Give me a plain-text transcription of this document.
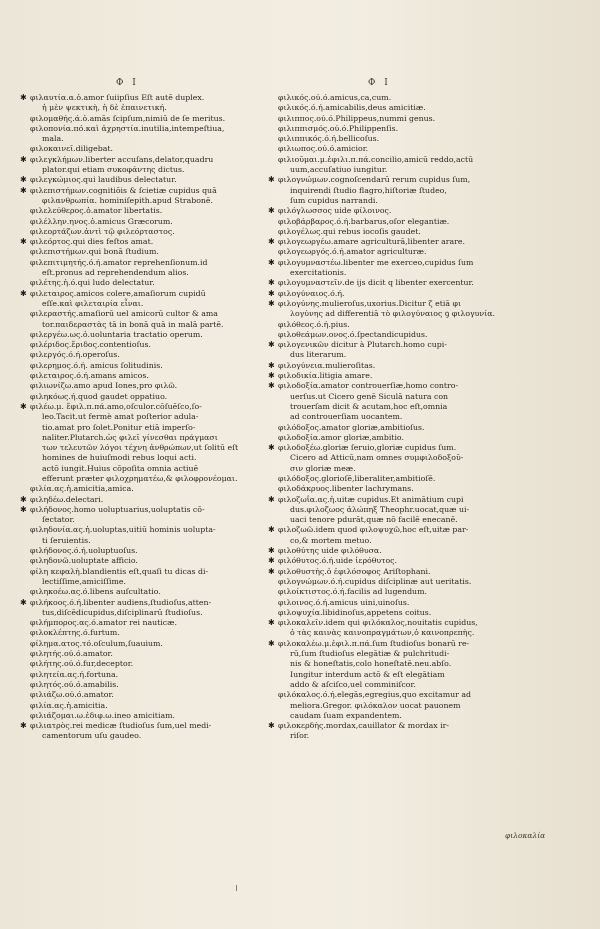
Φ I	Φ I
✱ φιλαυτία.α.ὁ.amor ſuiipſius Eſt autē duplex.
ἡ μὲν ψεκτικὴ, ἡ δὲ ἐπαινετική.
φιλομαθής.ά.ὁ.amās ſcipſum,nimiū de ſe meritus.
φιλοπονία.πό.καὶ ἀχρηστία.inutilia,intempeſtiua,
mala.
φιλοκαινεῖ.diligebat.
✱ φιλεγκλήμων.liberter accuſans,delator,quadru
plator.qui etiam συκοφάντης dictus.
✱ φιλεγκώμιος.qui laudibus delectatur.
✱ φιλεπιστήμων.cognitiōis & ſcietiæ cupidus quā
φιλανθρωπία. hominiſepith.apud Strabonē.
φιλελεύθερος.ὁ.amator libertatis.
φιλέλλην.ηνος.ὁ.amicus Græcorum.
φιλεορτάζων.ἀντὶ τῷ φιλεόρταστος.
✱ φιλεόρτος.qui dies feſtos amat.
φιλεπιστήμων.qui bonā ſtudium.
φιλεπιτιμητής.ό.ή.amator reprehenſionum.id
eſt.pronus ad reprehendendum alios.
φιλέτης.ἡ.ό.qui ludo delectatur.
✱ φιλεταιρος.amicos colere,amaſiorum cupidū
eſſe.καὶ φιλεταιρία εἶναι.
φιλεραστής.amaſiorū uel amicorū cultor & ama
tor.παιδεραστὰς tā in bonā quā in malā partē.
φιλεργέω.ως.ὁ.uoluntaria tractatio operum.
φιλέριδος.ἔριδος.contentioſus.
φιλεργός.ό.ή.operoſus.
φιλερημος.ό.ή. amicus ſolitudinis.
φιλεταιρος.ό.ή.amans amicos.
φιλιωνίζω.amo apud Iones,pro φιλῶ.
φιληκόως.ή.quod gaudet oppatiuo.
✱ φιλέω.μ. ἔφιλ.π.πά.amo,oſculor.cōſuēſco,ſo-
leo.Tacit.ut fermè amat poſterior adula-
tio.amat pro ſolet.Ponitur etiā imperſo-
naliter.Plutarch.ὡς φιλεῖ γίνεσθαι πράγμασι
των τελευτῶν λόγοι τέχνη ἀνθρώπων,ut ſolitū eſt
homines de huiuſmodi rebus loqui acti.
actō iungit.Huius cōpoſita omnia actiuē
efferunt præter φιλοχρηματέω,& φιλοφρονέομαι.
φιλία.ας.ἡ.amicitia,amica.
✱ φιληδέω.delectari.
✱ φιλήδονος.homo uoluptuarius,uoluptatis cō-
ſectator.
φιληδονία.ας.ἡ.uoluptas,uitiū hominis uolupta-
ti ſeruientis.
φιλήδονος.ό.ή.uoluptuoſus.
φιληδονῶ.uoluptate afficio.
φίλη κεφαλὴ.blandientis eſt,quaſi tu dicas di-
lectiſſime,amiciſſime.
φιληκοέω.ας.ό.libens auſcultatio.
✱ φιλήκοος.ό.ή.libenter audiens,ſtudioſus,atten-
tus,diſcēdicupidus,diſciplinarū ſtudioſus.
φιλήμπορος.ας.ό.amator rei nauticæ.
φιλοκλέπτης.ό.furtum.
φίλημα.ατος.τό.oſculum,ſuauium.
φιλητής.ού.ό.amator.
φιλήτης.ού.ό.fur,deceptor.
φιλητεία.ας.ή.fortuna.
φιλητός.ού.ό.amabilis.
φιλιάζω.ού.ό.amator.
φιλία.ας.ἡ.amicitia.
φιλιάζομαι.ω.ἐδιφ.ω.ineo amicitiam.
✱ φιλιατρὸς.rei medicæ ſtudioſus ſum,uel medi-
camentorum uſu gaudeo.
φιλικός.ού.ό.amicus,ca,cum.
φιλικός.ό.ή.amicabilis,deus amicitiæ.
φιλιππος.ού.ό.Philippeus,nummi genus.
φιλιππισμός.ού.ό.Philippenſis.
φιλιππικός.ό.ή.bellicoſus.
φιλιωπος.ού.ό.amicior.
φιλιοῦμαι.μ.ἐφιλι.π.πά.concilio,amicū reddo,actū
uum,accuſatiuo iungitur.
✱ φιλογνώμων.cognoſcendarū rerum cupidus ſum,
inquirendi ſtudio flagro,hiſtoriæ ſtudeo,
ſum cupidus narrandi.
✱ φιλόγλωσσος uide φίλοινος.
φιλοβάρβαρος.ό.ή.barbarus,oſor elegantiæ.
φιλογέλως.qui rebus iocoſis gaudet.
✱ φιλογεωργέω.amare agriculturā,libenter arare.
φιλογεωργός.ό.ή.amator agriculturæ.
✱ φιλογυμναστέω.libenter me exerceo,cupidus ſum
exercitationis.
✱ φιλογυμναστεῖν.de ijs dicit q libenter exercentur.
✱ φιλογύναιος.ό.ή.
✱ φιλογύνης.mulieroſus,uxorius.Dicitur ζ etiā φι
λογύνης ad differentiā τὸ φιλογύναιος ꝯ φιλογυνία.
φιλόθεος.ό.ή.pius.
φιλοθεάμων.ονος.ό.ſpectandicupidus.
✱ φιλογενικῶν dicitur à Plutarch.homo cupi-
dus literarum.
✱ φιλογύνεια.mulieroſitas.
✱ φιλοδικία.litigia amare.
✱ φιλοδοξία.amator controuerſiæ,homo contro-
uerſus.ut Cicero genē Siculā natura con
trouerſam dicit & acutam,hoc eſt,omnia
ad controuerſiam uocantem.
φιλόδοξος.amator gloriæ,ambitioſus.
φιλοδοξία.amor gloriæ,ambitio.
✱ φιλοδοξέω.gloriæ ſeruio,gloriæ cupidus ſum.
Cicero ad Atticū,nam omnes συμφιλοδοξοῦ-
σιν gloriæ meæ.
φιλόδοξος.glorioſē,liberaliter,ambitioſē.
φιλοδάκρυος.libenter lachrymans.
✱ φιλοζωΐα.ας.ἡ.uitæ cupidus.Et animātium cupi
dus.φιλοζωος ἀλώπηξ Theophr.uocat,quæ ui-
uaci tenore pdurāt,quæ nō facilē enecanē.
✱ φιλοζωῶ.idem quod φιλοψυχῶ,hoc eſt,uitæ par-
co,& mortem metuo.
✱ φιλοθύτης uide φιλόθυσα.
✱ φιλόθυτος.ό.ή.uide ἱερόθυτος.
✱ φιλοθυστὴς.ὁ ἐφιλόσοφος Ariſtophani.
φιλογνώμων.ό.ή.cupidus diſciplinæ aut ueritatis.
φιλοίκτιστος.ό.ή.facilis ad lugendum.
φιλοινος.ό.ή.amicus uini,uinoſus.
φιλοψυχία.libidinoſus,appetens coitus.
✱ φιλοκαλεῖν.idem qui φιλόκαλος,nouitatis cupidus,
ὁ τὰς καινὰς καινοπραγμάτων,ὁ καινοπρεπὴς.
✱ φιλοκαλέω.μ.ἐφιλ.π.πά.ſum ſtudioſus bonarū re-
rū,ſum ſtudioſus elegātiæ & pulchritudi-
nis & honeſtatis,colo honeſtatē.neu.abſo.
Iungitur interdum actō & eſt elegātiam
addo & aſciſco,uel comminiſcor.
φιλόκαλος.ό.ή.elegās,egregius,quo excitamur ad
meliora.Gregor. φιλόκαλον uocat pauonem
caudam ſuam expandentem.
✱ φιλοκερδὴς.mordax,cauillator & mordax ir-
riſor.
φιλοκαλία
